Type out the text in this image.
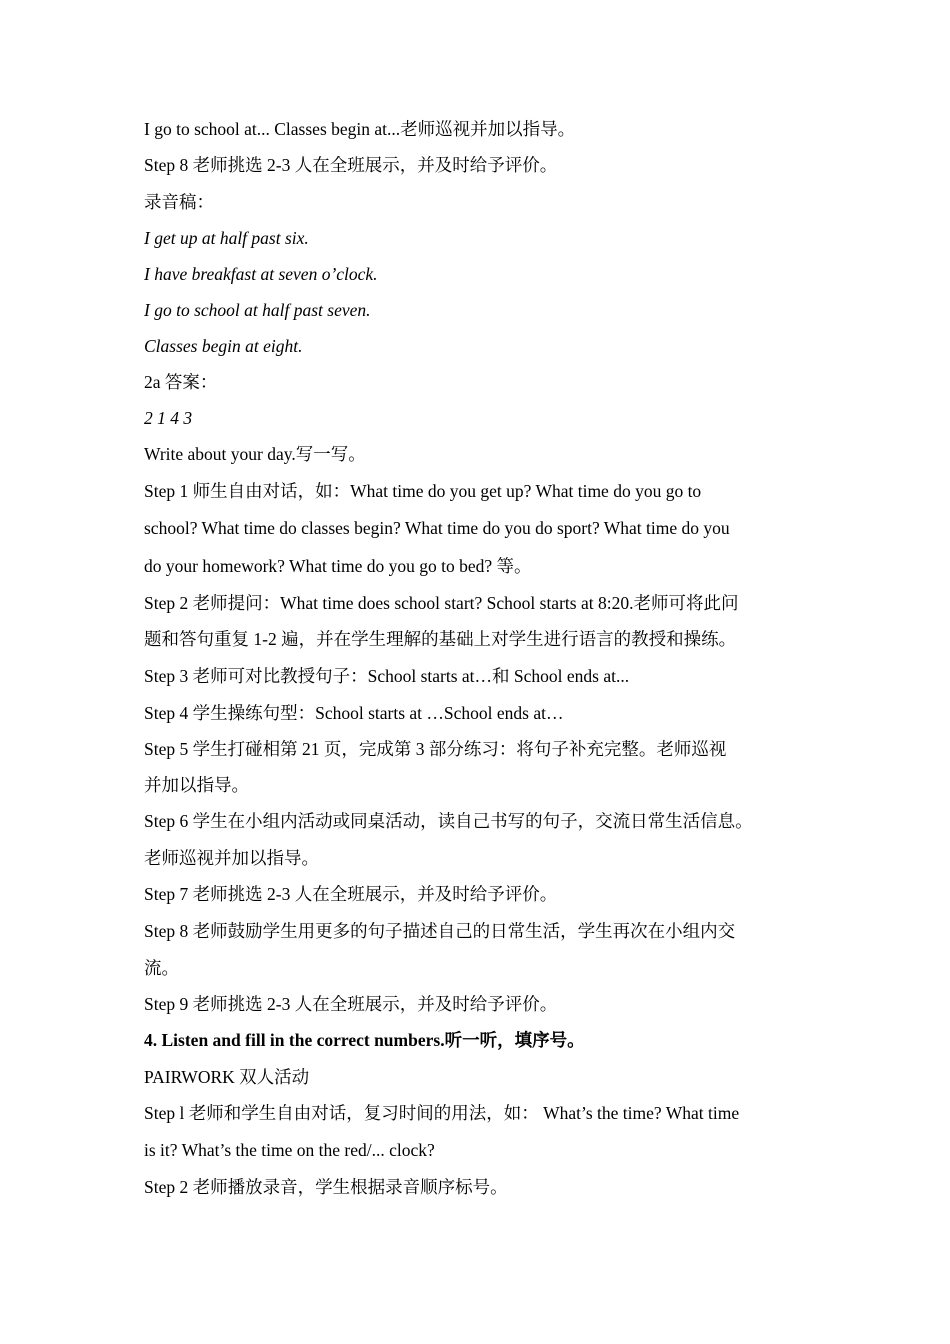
I go to school at... Classes begin at...老师巡视并加以指导。
Step 8 老师挑选 2-3 人在全班展示，并及时给予评价。
录音稿：
I get up at half past six.
I have breakfast at seven o’clock.
I go to school at half past seven.
Classes begin at eight.
2a 答案：
2 1 4 3
Write about your day.写一写。
Step 1 师生自由对话，如：What time do you get up? What time do you go to
school? What time do classes begin? What time do you do sport? What time do you
do your homework? What time do you go to bed? 等。
Step 2 老师提问：What time does school start? School starts at 8:20.老师可将此问
题和答句重复 1-2 遍，并在学生理解的基础上对学生进行语言的教授和操练。
Step 3 老师可对比教授句子：School starts at…和 School ends at...
Step 4 学生操练句型：School starts at …School ends at…
Step 5 学生打碰相第 21 页，完成第 3 部分练习：将句子补充完整。老师巡视
并加以指导。
Step 6 学生在小组内活动或同桌活动，读自己书写的句子，交流日常生活信息。
老师巡视并加以指导。
Step 7 老师挑选 2-3 人在全班展示，并及时给予评价。
Step 8 老师鼓励学生用更多的句子描述自己的日常生活，学生再次在小组内交
流。
Step 9 老师挑选 2-3 人在全班展示，并及时给予评价。
4. Listen and fill in the correct numbers.听一听，填序号。
PAIRWORK 双人活动
Step l 老师和学生自由对话，复习时间的用法，如： What’s the time? What time
is it? What’s the time on the red/... clock?
Step 2 老师播放录音，学生根据录音顺序标号。
